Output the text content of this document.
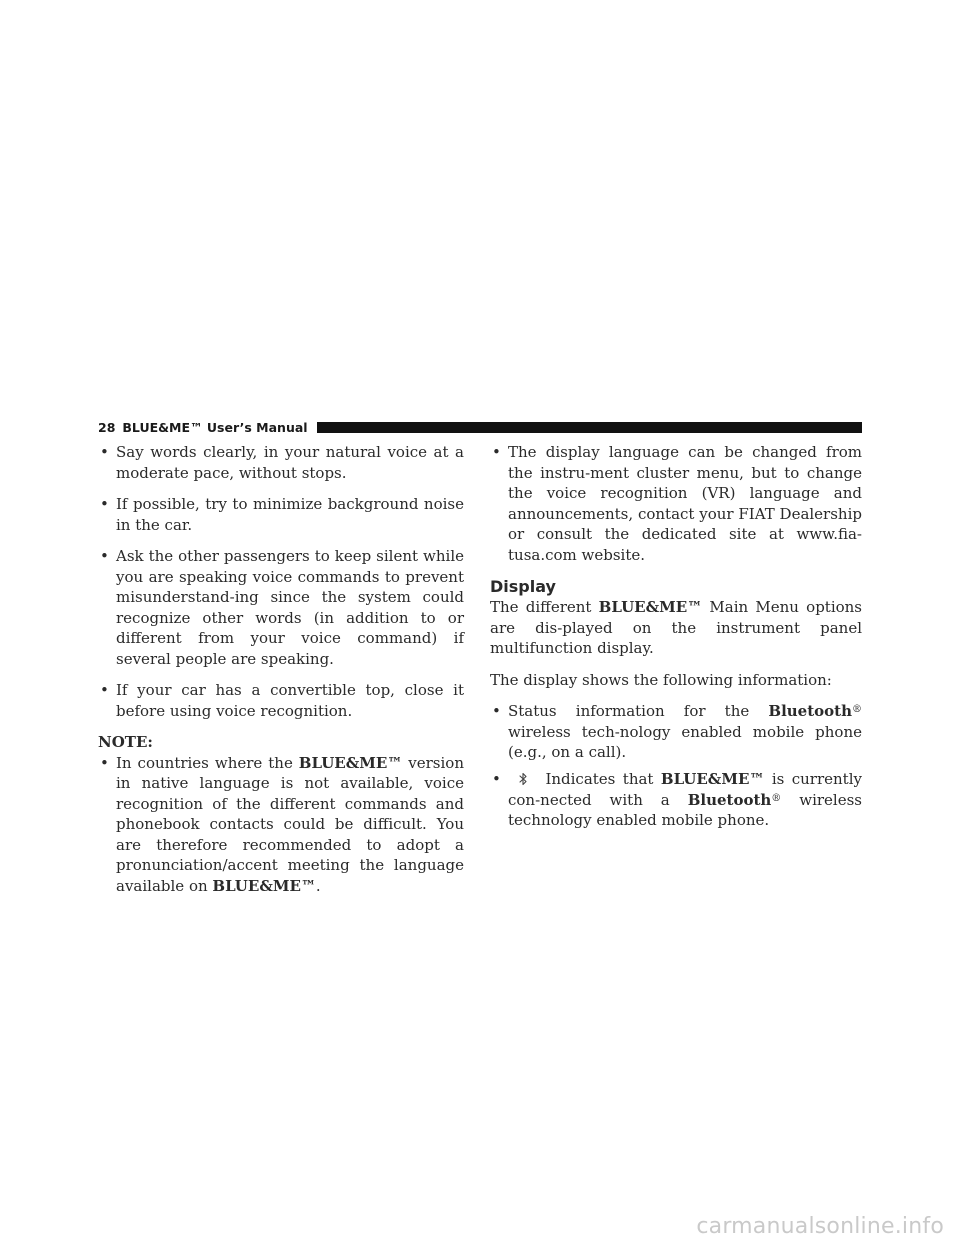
28 BLUE&ME™ User’s Manual
• Say words clearly, in your natural voice at a moderate pace, without stops.
• If possible, try to minimize background noise in the car.
• Ask the other passengers to keep silent while you are speaking voice commands to prevent misunderstand-ing since the system could recognize other words (in addition to or different from your voice command) if several people are speaking.
• If your car has a convertible top, close it before using voice recognition.
NOTE:
• In countries where the BLUE&ME™ version in native language is not available, voice recognition of the different commands and phonebook contacts could be difficult. You are therefore recommended to adopt a pronunciation/accent meeting the language available on BLUE&ME™.
• The display language can be changed from the instru-ment cluster menu, but to change the voice recognition (VR) language and announcements, contact your FIAT Dealership or consult the dedicated site at www.fia-tusa.com website.
Display
The different BLUE&ME™ Main Menu options are dis-played on the instrument panel multifunction display.
The display shows the following information:
• Status information for the Bluetooth® wireless tech-nology enabled mobile phone (e.g., on a call).
•	Indicates that BLUE&ME™ is currently con-nected with a Bluetooth® wireless technology enabled mobile phone.
carmanualsonline.info
